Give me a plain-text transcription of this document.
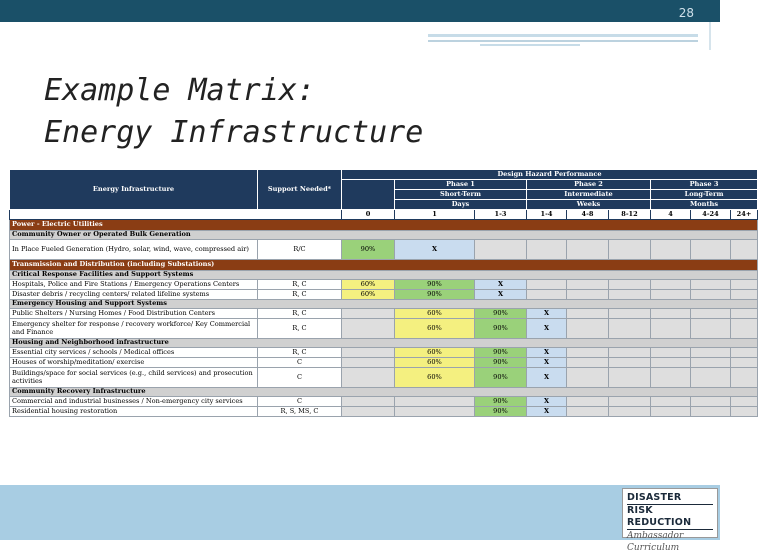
28
Example Matrix:
Energy Infrastructure
Energy Infrastructure	Support Needed*	Design Hazard Performance								
			Phase 1		Phase 2			Phase 3		
			Short-Term		Intermediate			Long-Term		
			Days		Weeks			Months		
		0	1	1-3	1-4	4-8	8-12	4	4-24	24+
Power - Electric Utilities										
Community Owner or Operated Bulk Generation										
In Place Fueled Generation (Hydro, solar, wind, wave, compressed air)	R/C	90%	X							
Transmission and Distribution (including Substations)										
Critical Response Facilities and Support Systems										
Hospitals, Police and Fire Stations / Emergency Operations Centers	R, C	60%	90%	X						
Disaster debris / recycling centers/ related lifeline systems	R, C	60%	90%	X						
Emergency Housing and Support Systems										
Public Shelters / Nursing Homes / Food Distribution Centers	R, C		60%	90%	X					
Emergency shelter for response / recovery workforce/ Key Commercial and Finance	R, C		60%	90%	X					
Housing and Neighborhood infrastructure										
Essential city services / schools / Medical offices	R, C		60%	90%	X					
Houses of worship/meditation/ exercise	C		60%	90%	X					
Buildings/space for social services (e.g., child services) and prosecution activities	C		60%	90%	X					
Community Recovery Infrastructure										
Commercial and industrial businesses / Non-emergency city services	C			90%	X					
Residential housing restoration	R, S, MS, C			90%	X					
DISASTER
RISK REDUCTION
Ambassador Curriculum
